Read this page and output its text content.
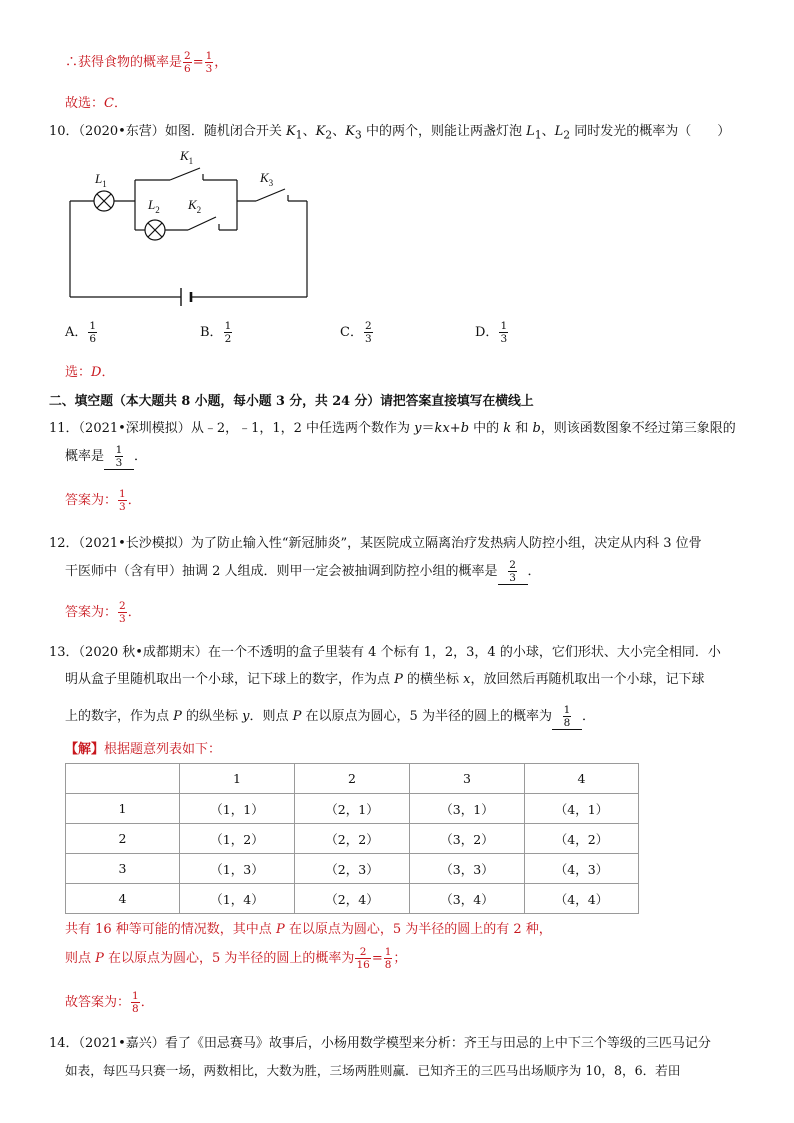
∴获得食物的概率是 $\frac{2}{6} = \frac{1}{3}$ ，
故选：C．
10．（2020•东营）如图．随机闭合开关 $K_1$、$K_2$、$K_3$ 中的两个，则能让两盏灯泡 $L_1$、$L_2$ 同时发光的概率为（　　）
$L_1$
$K_1$
$L_2$ $K_2$
$K_3$
A． $\frac{1}{6}$	B． $\frac{1}{2}$	C． $\frac{2}{3}$	D． $\frac{1}{3}$
选：D．
二、填空题（本大题共 8 小题，每小题 3 分，共 24 分）请把答案直接填写在横线上
11．（2021•深圳模拟）从﹣2，﹣1，1，2 中任选两个数作为 y＝kx+b 中的 k 和 b，则该函数图象不经过第三象限的
概率是 $\frac{1}{3}$ ．
答案为： $\frac{1}{3}$ ．
12．（2021•长沙模拟）为了防止输入性“新冠肺炎”，某医院成立隔离治疗发热病人防控小组，决定从内科 3 位骨
干医师中（含有甲）抽调 2 人组成．则甲一定会被抽调到防控小组的概率是 $\frac{2}{3}$ ．
答案为： $\frac{2}{3}$ ．
13．（2020 秋•成都期末）在一个不透明的盒子里装有 4 个标有 1，2，3，4 的小球，它们形状、大小完全相同．小
明从盒子里随机取出一个小球，记下球上的数字，作为点 P 的横坐标 x，放回然后再随机取出一个小球，记下球
上的数字，作为点 P 的纵坐标 y．则点 P 在以原点为圆心，5 为半径的圆上的概率为 $\frac{1}{8}$ ．
【解】根据题意列表如下：
	1	2	3	4
1	（1，1）	（2，1）	（3，1）	（4，1）
2	（1，2）	（2，2）	（3，2）	（4，2）
3	（1，3）	（2，3）	（3，3）	（4，3）
4	（1，4）	（2，4）	（3，4）	（4，4）
共有 16 种等可能的情况数，其中点 P 在以原点为圆心，5 为半径的圆上的有 2 种，
则点 P 在以原点为圆心，5 为半径的圆上的概率为 $\frac{2}{16} = \frac{1}{8}$ ；
故答案为： $\frac{1}{8}$ ．
14．（2021•嘉兴）看了《田忌赛马》故事后，小杨用数学模型来分析：齐王与田忌的上中下三个等级的三匹马记分
如表，每匹马只赛一场，两数相比，大数为胜，三场两胜则赢．已知齐王的三匹马出场顺序为 10，8，6．若田
